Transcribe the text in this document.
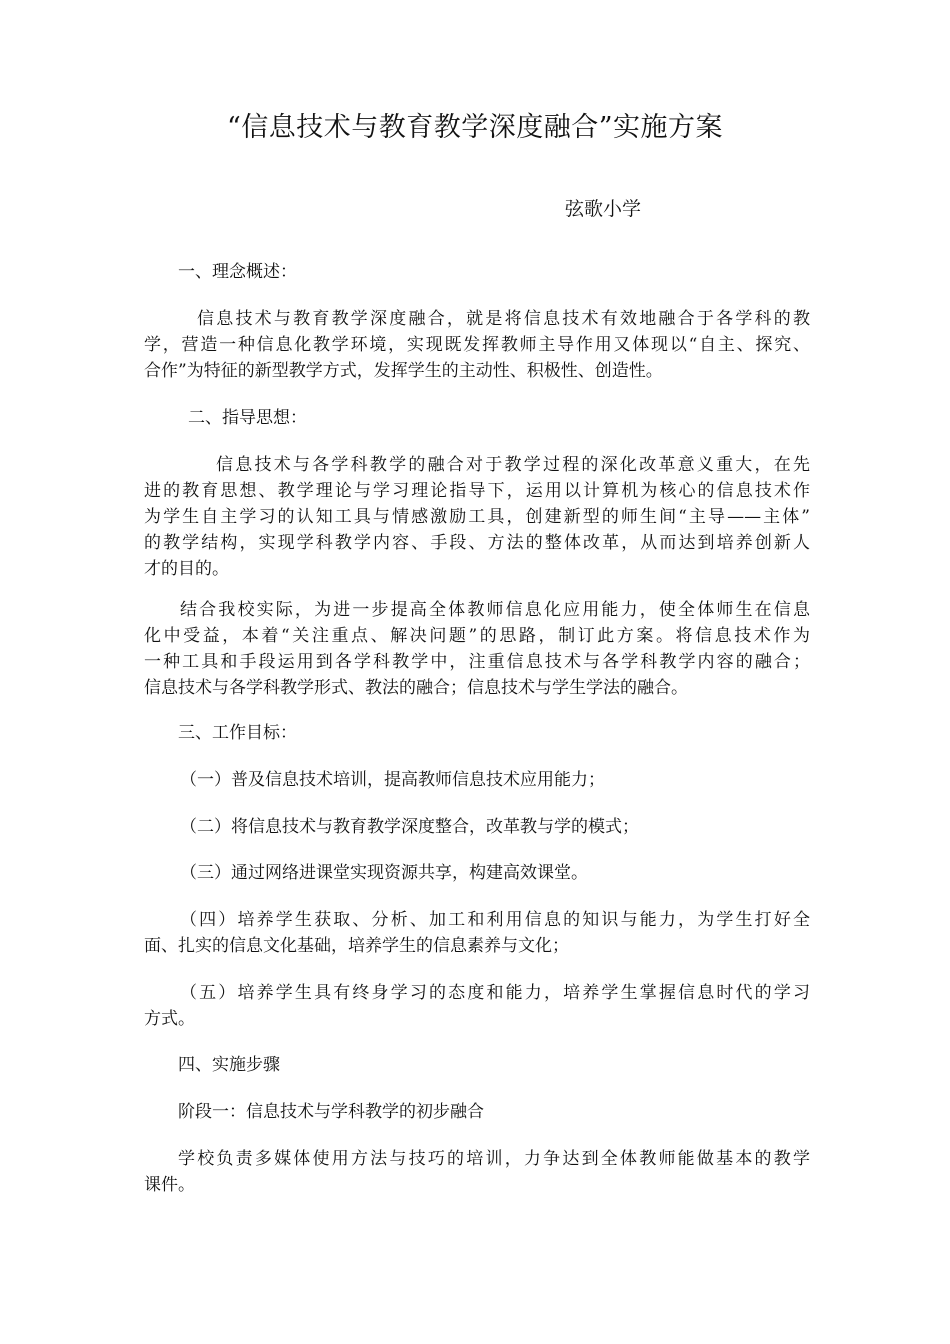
“信息技术与教育教学深度融合”实施方案
弦歌小学
一、理念概述：
信息技术与教育教学深度融合，就是将信息技术有效地融合于各学科的教
学，营造一种信息化教学环境，实现既发挥教师主导作用又体现以“自主、探究、
合作”为特征的新型教学方式，发挥学生的主动性、积极性、创造性。
二、指导思想：
信息技术与各学科教学的融合对于教学过程的深化改革意义重大，在先
进的教育思想、教学理论与学习理论指导下，运用以计算机为核心的信息技术作
为学生自主学习的认知工具与情感激励工具，创建新型的师生间“主导——主体”
的教学结构，实现学科教学内容、手段、方法的整体改革，从而达到培养创新人
才的目的。
结合我校实际，为进一步提高全体教师信息化应用能力，使全体师生在信息
化中受益，本着“关注重点、解决问题”的思路，制订此方案。将信息技术作为
一种工具和手段运用到各学科教学中，注重信息技术与各学科教学内容的融合；
信息技术与各学科教学形式、教法的融合；信息技术与学生学法的融合。
三、工作目标：
（一）普及信息技术培训，提高教师信息技术应用能力；
（二）将信息技术与教育教学深度整合，改革教与学的模式；
（三）通过网络进课堂实现资源共享，构建高效课堂。
（四）培养学生获取、分析、加工和利用信息的知识与能力，为学生打好全
面、扎实的信息文化基础，培养学生的信息素养与文化；
（五）培养学生具有终身学习的态度和能力，培养学生掌握信息时代的学习
方式。
四、实施步骤
阶段一：信息技术与学科教学的初步融合
学校负责多媒体使用方法与技巧的培训，力争达到全体教师能做基本的教学
课件。
